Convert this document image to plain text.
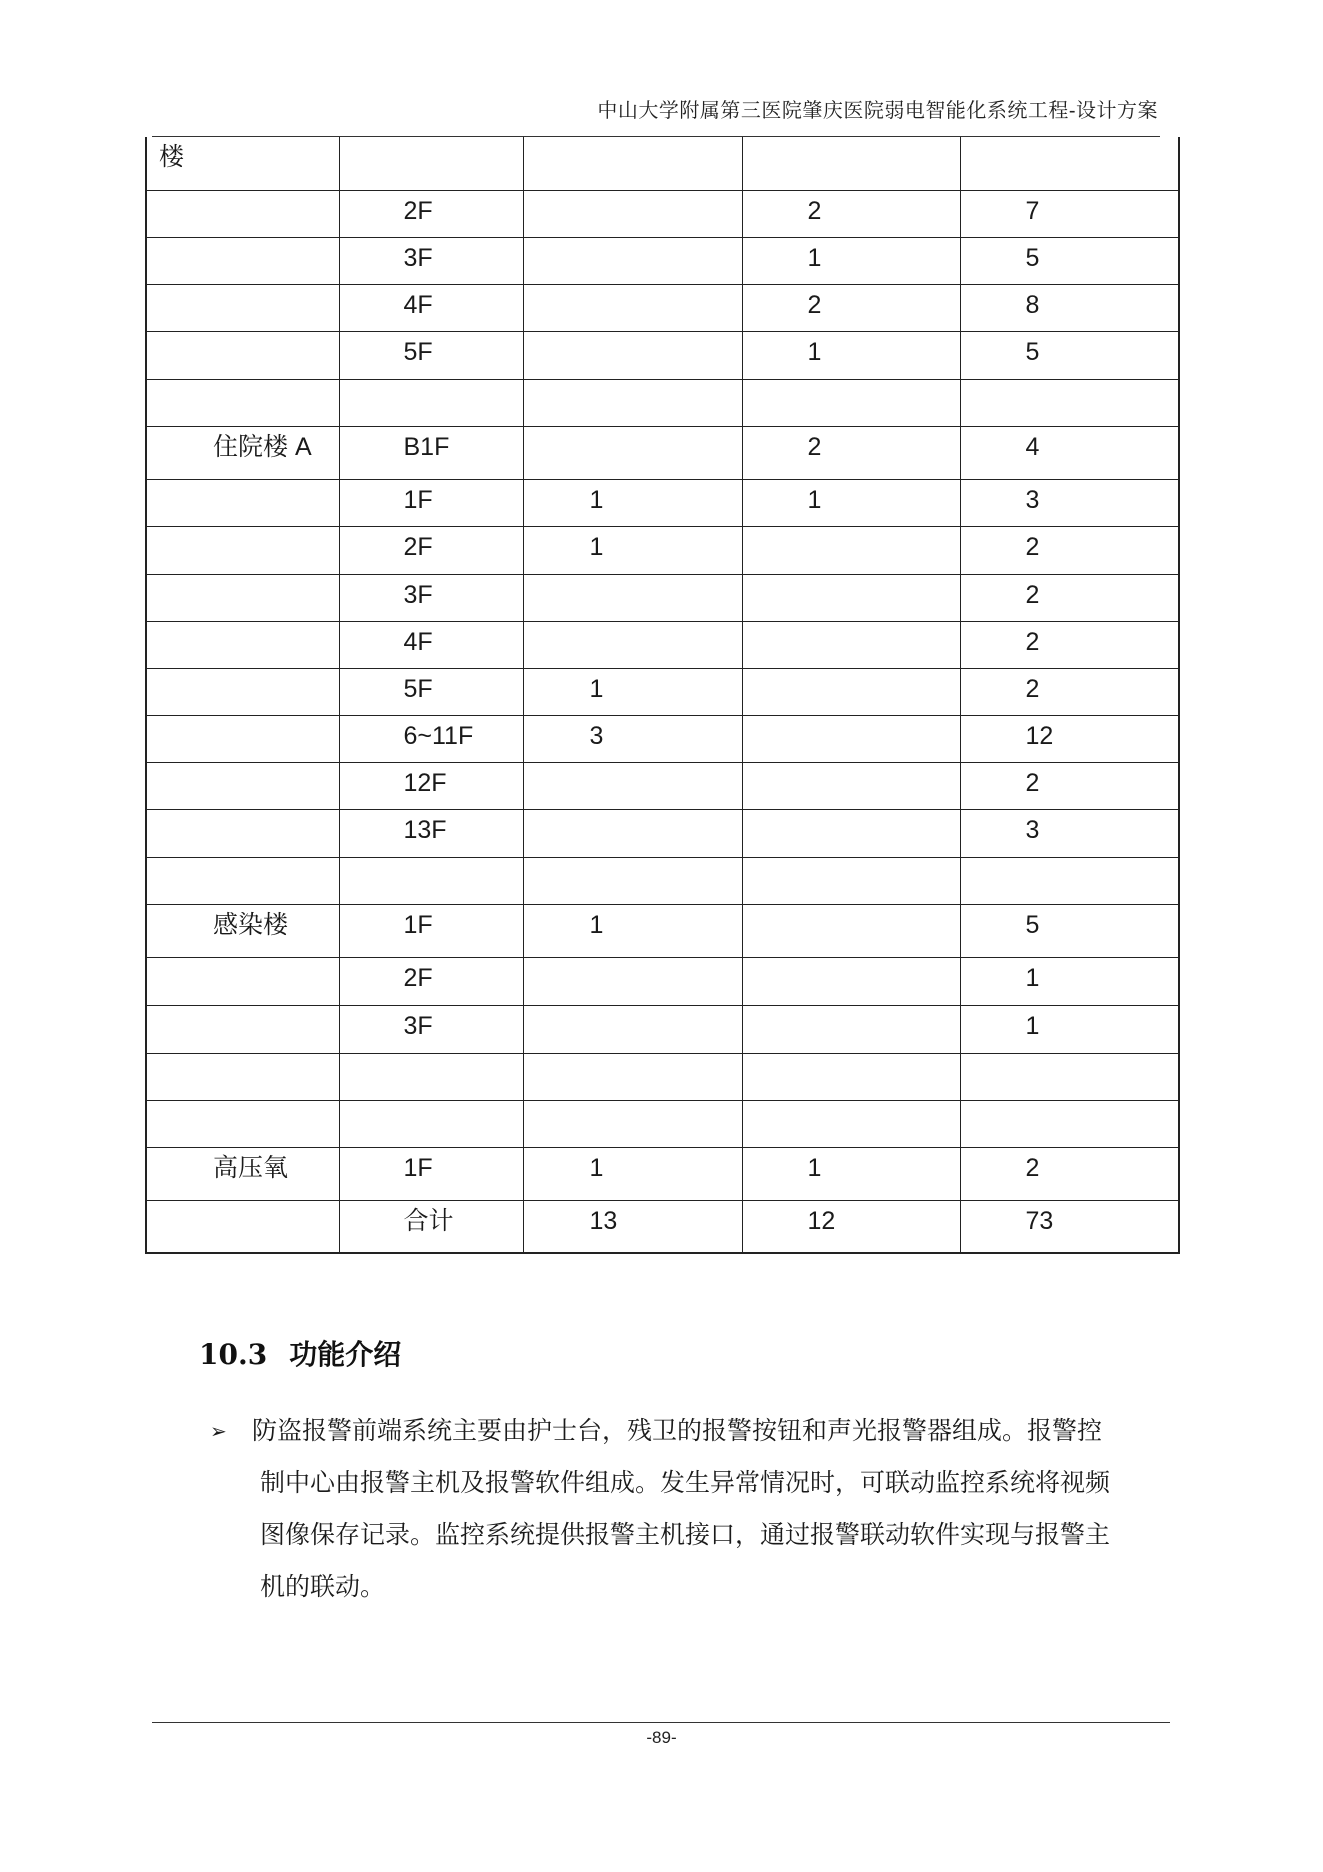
中山大学附属第三医院肇庆医院弱电智能化系统工程-设计方案
楼				

	2F		2	7

	3F		1	5

	4F		2	8

	5F		1	5

住院楼 A	B1F		2	4

	1F	1	1	3

	2F	1		2

	3F			2

	4F			2

	5F	1		2

	6~11F	3		12

	12F			2

	13F			3

感染楼	1F	1		5

	2F			1

	3F			1

高压氧	1F	1	1	2

	合计	13	12	73
10.3 功能介绍
➢ 防盗报警前端系统主要由护士台，残卫的报警按钮和声光报警器组成。报警控
制中心由报警主机及报警软件组成。发生异常情况时，可联动监控系统将视频
图像保存记录。监控系统提供报警主机接口，通过报警联动软件实现与报警主
机的联动。
-89-
